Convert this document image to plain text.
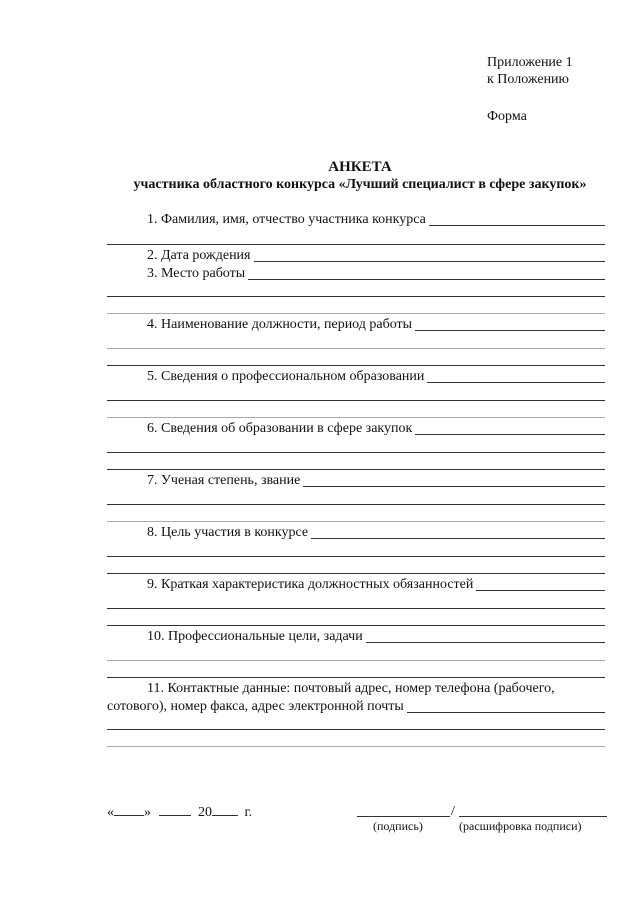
Приложение 1
к Положению
Форма
АНКЕТА
участника областного конкурса «Лучший специалист в сфере закупок»
1. Фамилия, имя, отчество участника конкурса
2. Дата рождения
3. Место работы
4. Наименование должности, период работы
5. Сведения о профессиональном образовании
6. Сведения об образовании в сфере закупок
7. Ученая степень, звание
8. Цель участия в конкурсе
9. Краткая характеристика должностных обязанностей
10. Профессиональные цели, задачи
11. Контактные данные: почтовый адрес, номер телефона (рабочего,
сотового), номер факса, адрес электронной почты
« »	20 г.	/
(подпись)	(расшифровка подписи)
